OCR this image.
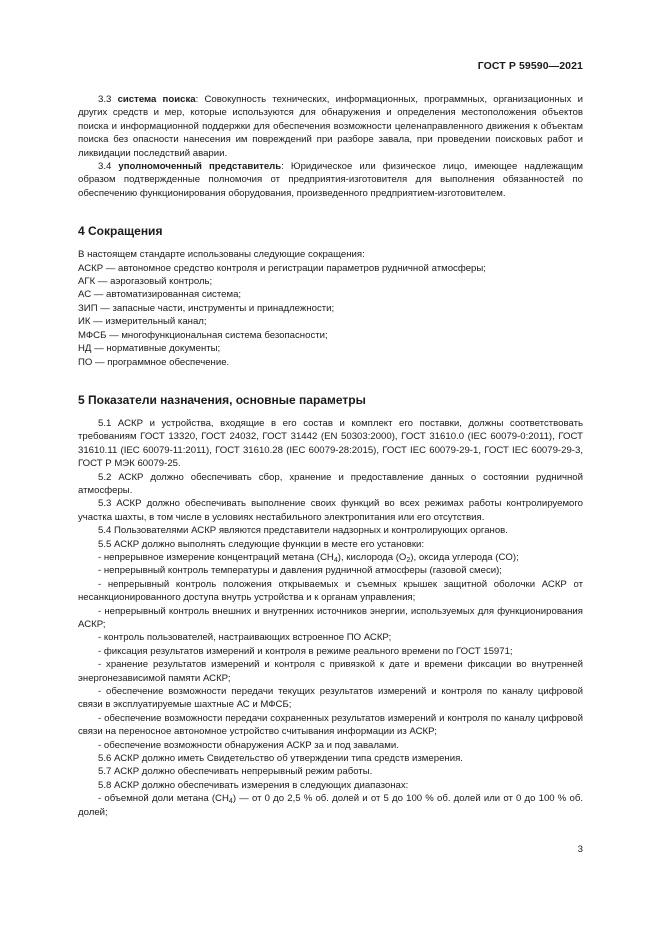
ГОСТ Р 59590—2021

3.3 система поиска: Совокупность технических, информационных, программных, организационных и других средств и мер, которые используются для обнаружения и определения местоположения объектов поиска и информационной поддержки для обеспечения возможности целенаправленного движения к объектам поиска без опасности нанесения им повреждений при разборе завала, при проведении поисковых работ и ликвидации последствий аварии.

3.4 уполномоченный представитель: Юридическое или физическое лицо, имеющее надлежащим образом подтвержденные полномочия от предприятия-изготовителя для выполнения обязанностей по обеспечению функционирования оборудования, произведенного предприятием-изготовителем.

4 Сокращения

В настоящем стандарте использованы следующие сокращения:

АСКР — автономное средство контроля и регистрации параметров рудничной атмосферы;

АГК — аэрогазовый контроль;

АС — автоматизированная система;

ЗИП — запасные части, инструменты и принадлежности;

ИК — измерительный канал;

МФСБ — многофункциональная система безопасности;

НД — нормативные документы;

ПО — программное обеспечение.

5 Показатели назначения, основные параметры

5.1 АСКР и устройства, входящие в его состав и комплект его поставки, должны соответствовать требованиям ГОСТ 13320, ГОСТ 24032, ГОСТ 31442 (EN 50303:2000), ГОСТ 31610.0 (IEC 60079-0:2011), ГОСТ 31610.11 (IEC 60079-11:2011), ГОСТ 31610.28 (IEC 60079-28:2015), ГОСТ IEC 60079-29-1, ГОСТ IEC 60079-29-3, ГОСТ Р МЭК 60079-25.

5.2 АСКР должно обеспечивать сбор, хранение и предоставление данных о состоянии рудничной атмосферы.

5.3 АСКР должно обеспечивать выполнение своих функций во всех режимах работы контролируемого участка шахты, в том числе в условиях нестабильного электропитания или его отсутствия.

5.4 Пользователями АСКР являются представители надзорных и контролирующих органов.

5.5 АСКР должно выполнять следующие функции в месте его установки:

- непрерывное измерение концентраций метана $(CH_4)$, кислорода $(O_2)$, оксида углерода (CO);

- непрерывный контроль температуры и давления рудничной атмосферы (газовой смеси);

- непрерывный контроль положения открываемых и съемных крышек защитной оболочки АСКР от несанкционированного доступа внутрь устройства и к органам управления;

- непрерывный контроль внешних и внутренних источников энергии, используемых для функционирования АСКР;

- контроль пользователей, настраивающих встроенное ПО АСКР;

- фиксация результатов измерений и контроля в режиме реального времени по ГОСТ 15971;

- хранение результатов измерений и контроля с привязкой к дате и времени фиксации во внутренней энергонезависимой памяти АСКР;

- обеспечение возможности передачи текущих результатов измерений и контроля по каналу цифровой связи в эксплуатируемые шахтные АС и МФСБ;

- обеспечение возможности передачи сохраненных результатов измерений и контроля по каналу цифровой связи на переносное автономное устройство считывания информации из АСКР;

- обеспечение возможности обнаружения АСКР за и под завалами.

5.6 АСКР должно иметь Свидетельство об утверждении типа средств измерения.

5.7 АСКР должно обеспечивать непрерывный режим работы.

5.8 АСКР должно обеспечивать измерения в следующих диапазонах:

- объемной доли метана $(CH_4)$ — от 0 до 2,5 % об. долей и от 5 до 100 % об. долей или от 0 до 100 % об. долей;

3
